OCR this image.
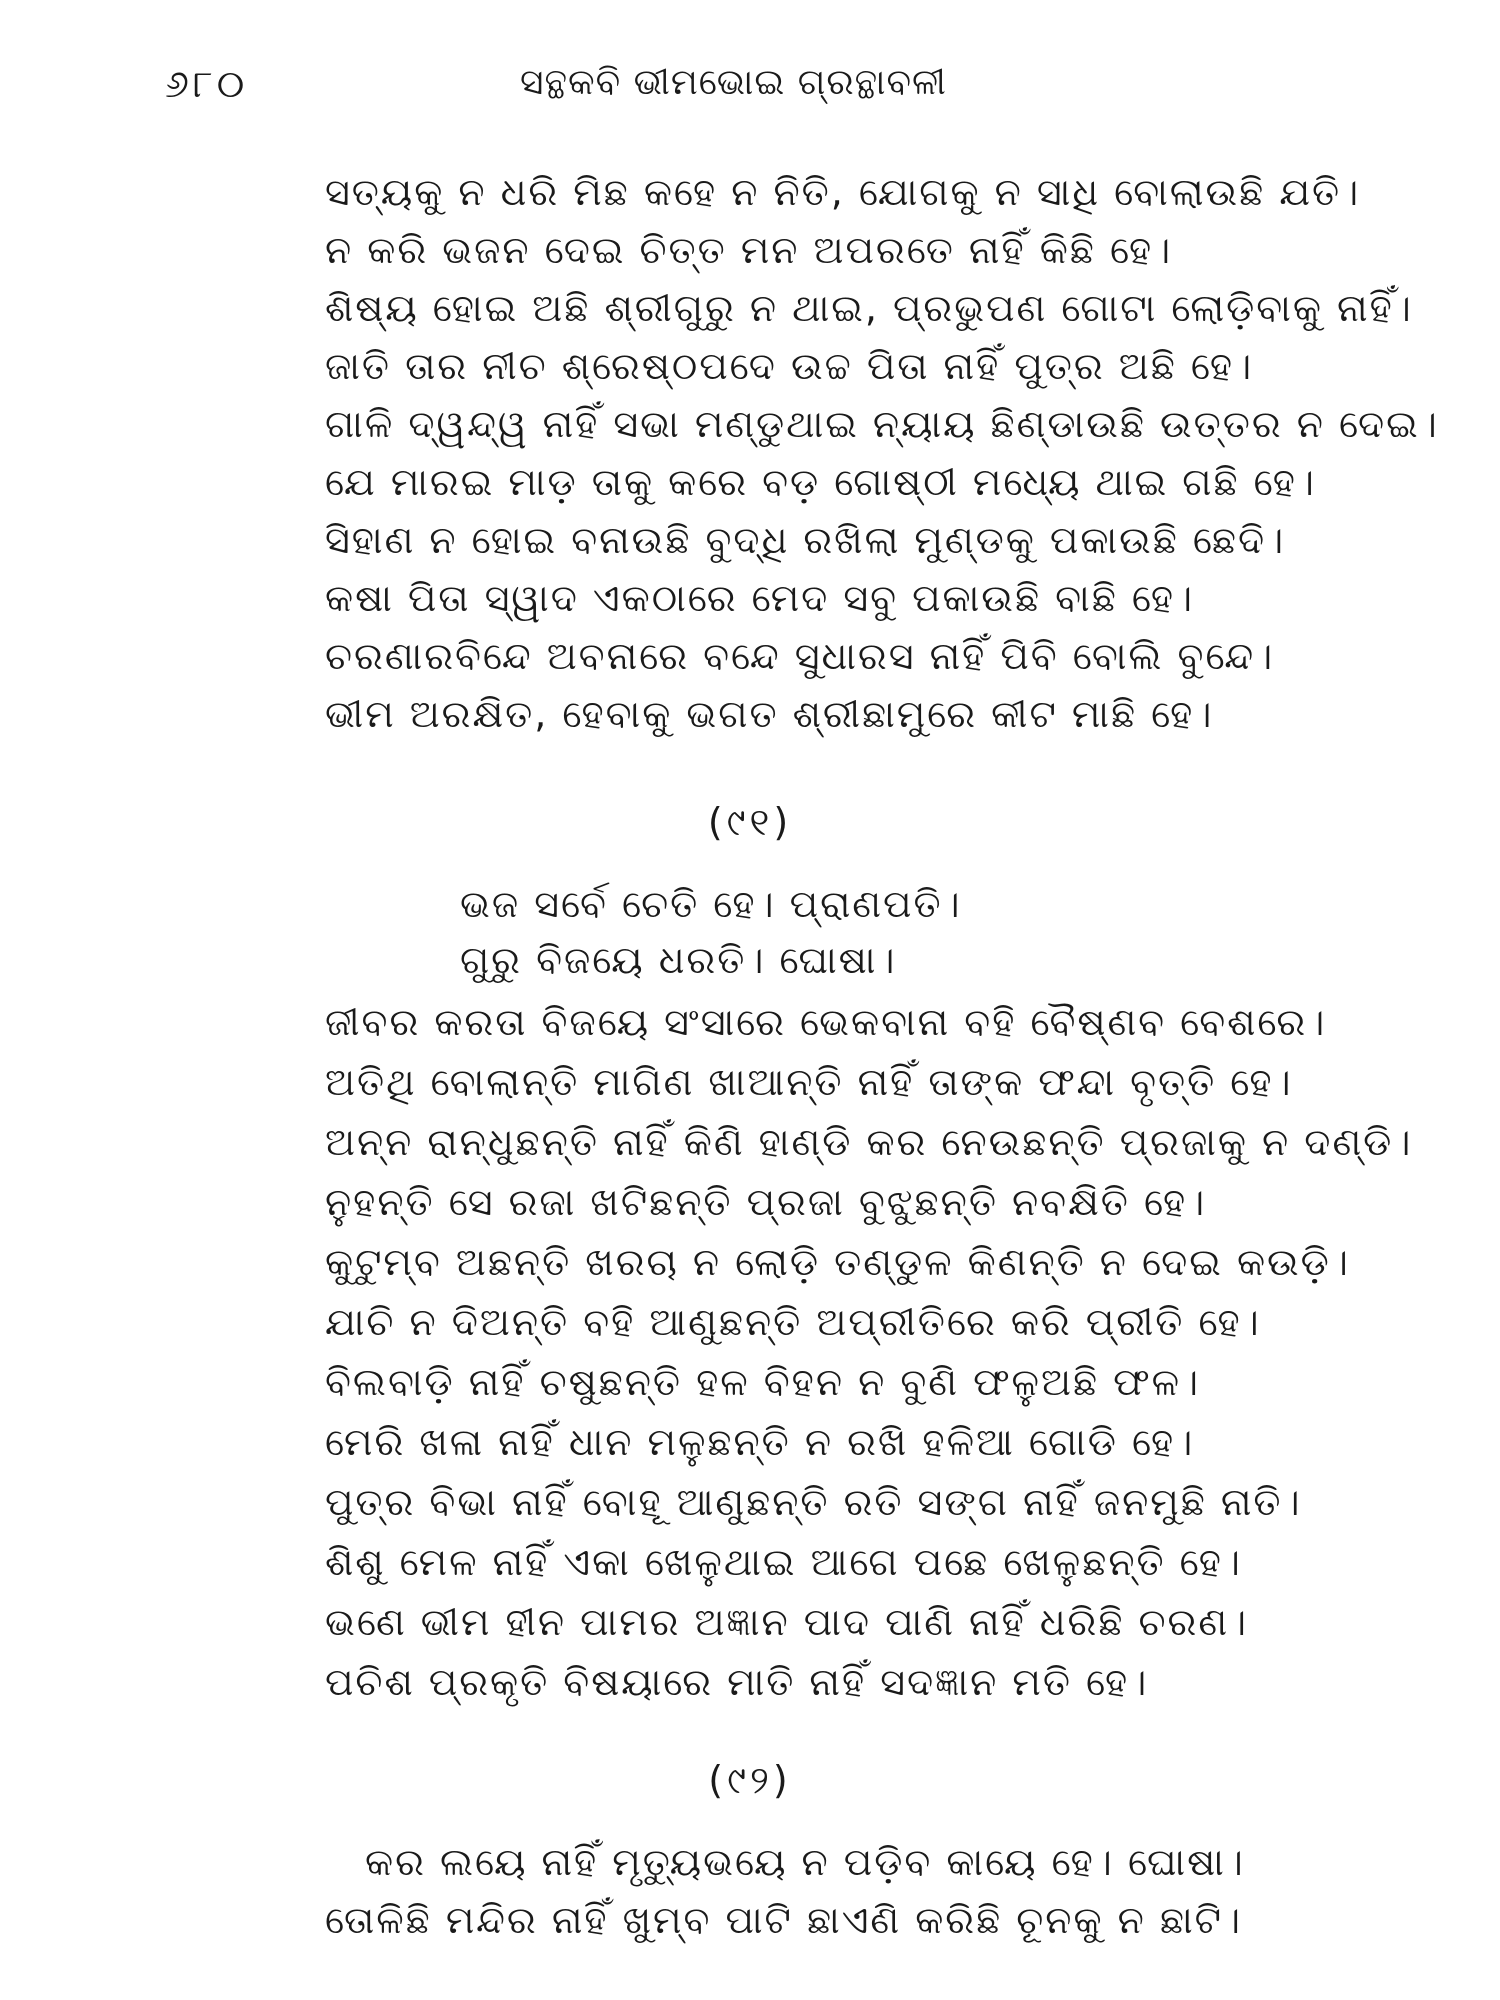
୬୮୦	ସନ୍ଥକବି ଭୀମଭୋଇ ଗ୍ରନ୍ଥାବଳୀ
ସତ୍ୟକୁ ନ ଧରି ମିଛ କହେ ନ ନିତି, ଯୋଗକୁ ନ ସାଧି ବୋଲାଉଛି ଯତି।
ନ କରି ଭଜନ ଦେଇ ଚିତ୍ତ ମନ ଅପରତେ ନାହିଁ କିଛି ହେ।
ଶିଷ୍ୟ ହୋଇ ଅଛି ଶ୍ରୀଗୁରୁ ନ ଥାଇ, ପ୍ରଭୁପଣ ଗୋଟା ଲୋଡ଼ିବାକୁ ନାହିଁ।
ଜାତି ତାର ନୀଚ ଶ୍ରେଷ୍ଠପଦେ ଉଚ୍ଚ ପିତା ନାହିଁ ପୁତ୍ର ଅଛି ହେ।
ଗାଳି ଦ୍ୱନ୍ଦ୍ୱ ନାହିଁ ସଭା ମଣ୍ଡୁଥାଇ ନ୍ୟାୟ ଛିଣ୍ଡାଉଛି ଉତ୍ତର ନ ଦେଇ।
ଯେ ମାରଇ ମାଡ଼ ତାକୁ କରେ ବଡ଼ ଗୋଷ୍ଠୀ ମଧ୍ୟେ ଥାଇ ଗଛି ହେ।
ସିହାଣ ନ ହୋଇ ବନାଉଛି ବୁଦ୍ଧି ରଖିଲା ମୁଣ୍ଡକୁ ପକାଉଛି ଛେଦି।
କଷା ପିତା ସ୍ୱାଦ ଏକଠାରେ ମେଦ ସବୁ ପକାଉଛି ବାଛି ହେ।
ଚରଣାରବିନ୍ଦେ ଅବନାରେ ବନ୍ଦେ ସୁଧାରସ ନାହିଁ ପିବି ବୋଲି ବୁନ୍ଦେ।
ଭୀମ ଅରକ୍ଷିତ, ହେବାକୁ ଭଗତ ଶ୍ରୀଛାମୁରେ କୀଟ ମାଛି ହେ।
(୯୧)
ଭଜ ସର୍ବେ ଚେତି ହେ। ପ୍ରାଣପତି।
ଗୁରୁ ବିଜୟେ ଧରତି। ଘୋଷା।
ଜୀବର କରତା ବିଜୟେ ସଂସାରେ ଭେକବାନା ବହି ବୈଷ୍ଣବ ବେଶରେ।
ଅତିଥି ବୋଲାନ୍ତି ମାଗିଣ ଖାଆନ୍ତି ନାହିଁ ତାଙ୍କ ଫନ୍ଦା ବୃତ୍ତି ହେ।
ଅନ୍ନ ରାନ୍ଧୁଛନ୍ତି ନାହିଁ କିଣି ହାଣ୍ଡି କର ନେଉଛନ୍ତି ପ୍ରଜାକୁ ନ ଦଣ୍ଡି।
ନୁହନ୍ତି ସେ ରଜା ଖଟିଛନ୍ତି ପ୍ରଜା ବୁଝୁଛନ୍ତି ନବକ୍ଷିତି ହେ।
କୁଟୁମ୍ବ ଅଛନ୍ତି ଖରଚା ନ ଲୋଡ଼ି ତଣ୍ଡୁଳ କିଣନ୍ତି ନ ଦେଇ କଉଡ଼ି।
ଯାଚି ନ ଦିଅନ୍ତି ବହି ଆଣୁଛନ୍ତି ଅପ୍ରୀତିରେ କରି ପ୍ରୀତି ହେ।
ବିଲବାଡ଼ି ନାହିଁ ଚଷୁଛନ୍ତି ହଳ ବିହନ ନ ବୁଣି ଫଳୁଅଛି ଫଳ।
ମେରି ଖଳା ନାହିଁ ଧାନ ମଳୁଛନ୍ତି ନ ରଖି ହଳିଆ ଗୋଡି ହେ।
ପୁତ୍ର ବିଭା ନାହିଁ ବୋହୂ ଆଣୁଛନ୍ତି ରତି ସଙ୍ଗ ନାହିଁ ଜନମୁଛି ନାତି।
ଶିଶୁ ମେଳ ନାହିଁ ଏକା ଖେଳୁଥାଇ ଆଗେ ପଛେ ଖେଳୁଛନ୍ତି ହେ।
ଭଣେ ଭୀମ ହୀନ ପାମର ଅଜ୍ଞାନ ପାଦ ପାଣି ନାହିଁ ଧରିଛି ଚରଣ।
ପଚିଶ ପ୍ରକୃତି ବିଷୟାରେ ମାତି ନାହିଁ ସଦଜ୍ଞାନ ମତି ହେ।
(୯୨)
କର ଲୟେ ନାହିଁ ମୃତ୍ୟୁଭୟେ ନ ପଡ଼ିବ କାୟେ ହେ। ଘୋଷା।
ତୋଳିଛି ମନ୍ଦିର ନାହିଁ ଖୁମ୍ବ ପାଟି ଛାଏଣି କରିଛି ଚୂନକୁ ନ ଛାଟି।
